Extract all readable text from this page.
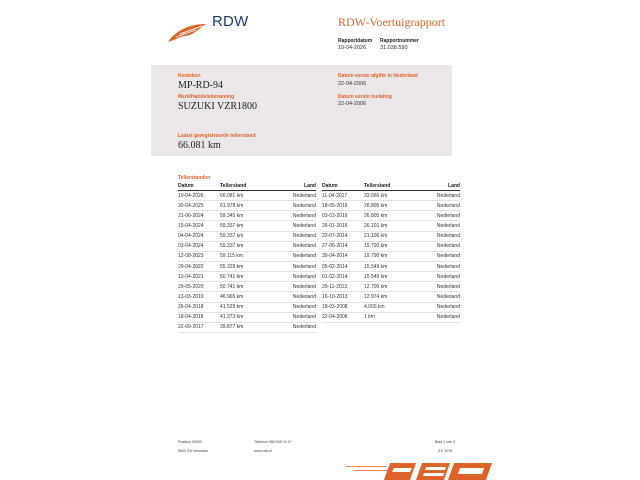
RDW	RDW-Voertuigrapport
Rapportdatum
10-04-2026
Rapportnummer
31.038.590
Kenteken
MP-RD-94
Merk/Handelsbenaming
SUZUKI VZR1800
Datum eerste afgifte in Nederland
22-04-2006
Datum eerste toelating
22-04-2006
Laatst geregistreerde tellerstand
66.081 km
Tellerstanden
Datum	Tellerstand	Land
10-04-2026	66.081 km	Nederland
30-04-2025	61.978 km	Nederland
21-06-2024	59.345 km	Nederland
15-04-2024	59.337 km	Nederland
04-04-2024	59.337 km	Nederland
03-04-2024	59.337 km	Nederland
12-08-2023	59.115 km	Nederland
29-04-2022	55.329 km	Nederland
13-04-2021	50.741 km	Nederland
29-05-2020	50.741 km	Nederland
13-03-2019	46.965 km	Nederland
26-04-2018	41.529 km	Nederland
18-04-2018	41.373 km	Nederland
22-09-2017	39.877 km	Nederland
Datum	Tellerstand	Land
11-04-2017	33.666 km	Nederland
18-05-2016	26.805 km	Nederland
03-03-2016	26.805 km	Nederland
26-01-2016	26.101 km	Nederland
22-07-2014	21.106 km	Nederland
27-06-2014	19.790 km	Nederland
30-04-2014	19.790 km	Nederland
05-02-2014	15.549 km	Nederland
01-02-2014	15.549 km	Nederland
20-11-2013	12.700 km	Nederland
16-10-2013	12.974 km	Nederland
18-03-2008	4.000 km	Nederland
22-04-2006	1 km	Nederland
Postbus 30000
9640 RA Veendam
Telefoon 088 008 74 47
www.rdw.nl
Blad 1 van 3
3 E 1078
